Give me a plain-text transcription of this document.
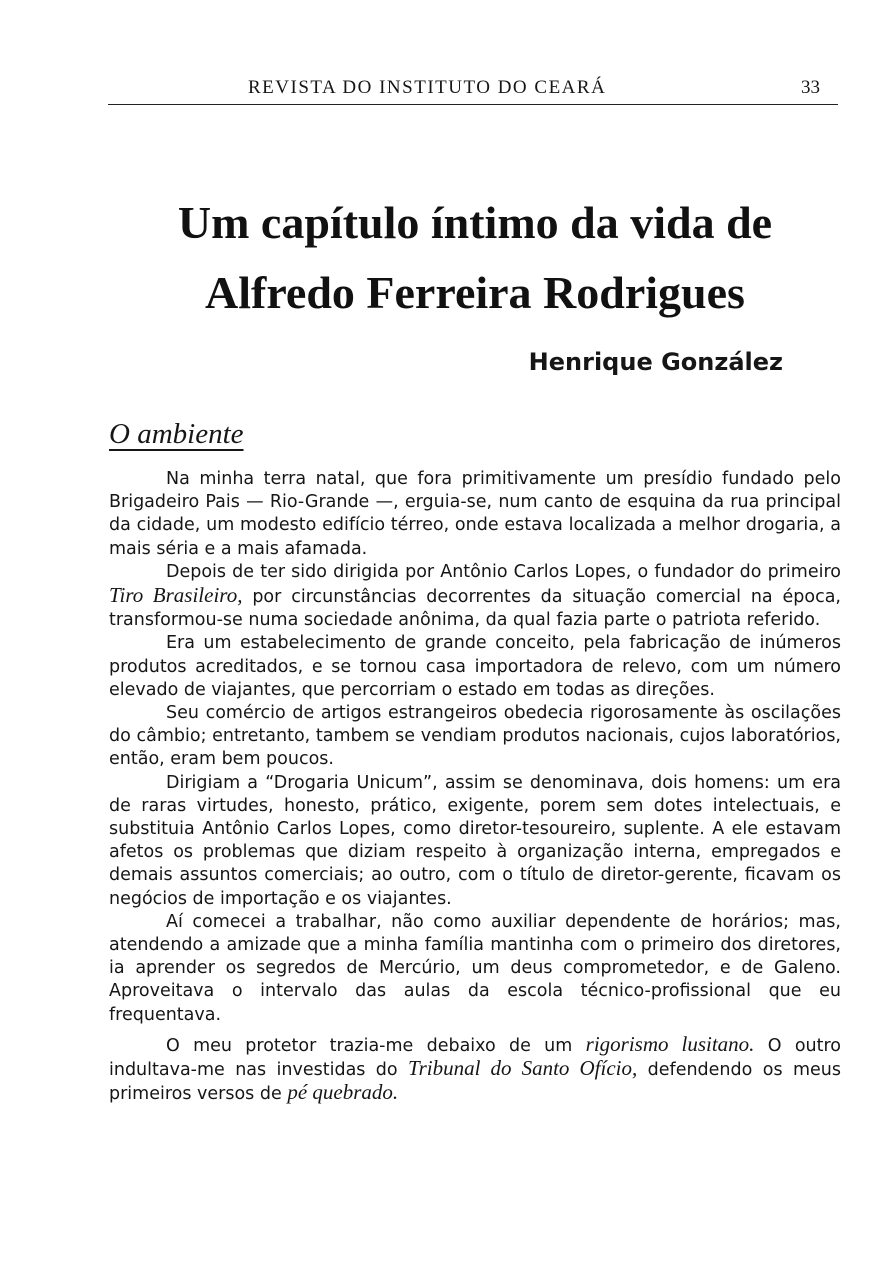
REVISTA DO INSTITUTO DO CEARÁ	33
Um capítulo íntimo da vida de
Alfredo Ferreira Rodrigues
Henrique González
O ambiente

Na minha terra natal, que fora primitivamente um presídio fundado pelo Brigadeiro Pais — Rio-Grande —, erguia-se, num canto de esquina da rua principal da cidade, um modesto edifício térreo, onde estava localizada a melhor drogaria, a mais séria e a mais afamada.

Depois de ter sido dirigida por Antônio Carlos Lopes, o fundador do primeiro Tiro Brasileiro, por circunstâncias decorrentes da situação comercial na época, transformou-se numa sociedade anônima, da qual fazia parte o patriota referido.

Era um estabelecimento de grande conceito, pela fabricação de inúmeros produtos acreditados, e se tornou casa importadora de relevo, com um número elevado de viajantes, que percorriam o estado em todas as direções.

Seu comércio de artigos estrangeiros obedecia rigorosamente às oscilações do câmbio; entretanto, tambem se vendiam produtos nacionais, cujos laboratórios, então, eram bem poucos.

Dirigiam a “Drogaria Unicum”, assim se denominava, dois homens: um era de raras virtudes, honesto, prático, exigente, porem sem dotes intelectuais, e substituia Antônio Carlos Lopes, como diretor-tesoureiro, suplente. A ele estavam afetos os problemas que diziam respeito à organização interna, empregados e demais assuntos comerciais; ao outro, com o título de diretor-gerente, ficavam os negócios de importação e os viajantes.

Aí comecei a trabalhar, não como auxiliar dependente de horários; mas, atendendo a amizade que a minha família mantinha com o primeiro dos diretores, ia aprender os segredos de Mercúrio, um deus comprometedor, e de Galeno. Aproveitava o intervalo das aulas da escola técnico-profissional que eu frequentava.

O meu protetor trazia-me debaixo de um rigorismo lusitano. O outro indultava-me nas investidas do Tribunal do Santo Ofício, defendendo os meus primeiros versos de pé quebrado.
